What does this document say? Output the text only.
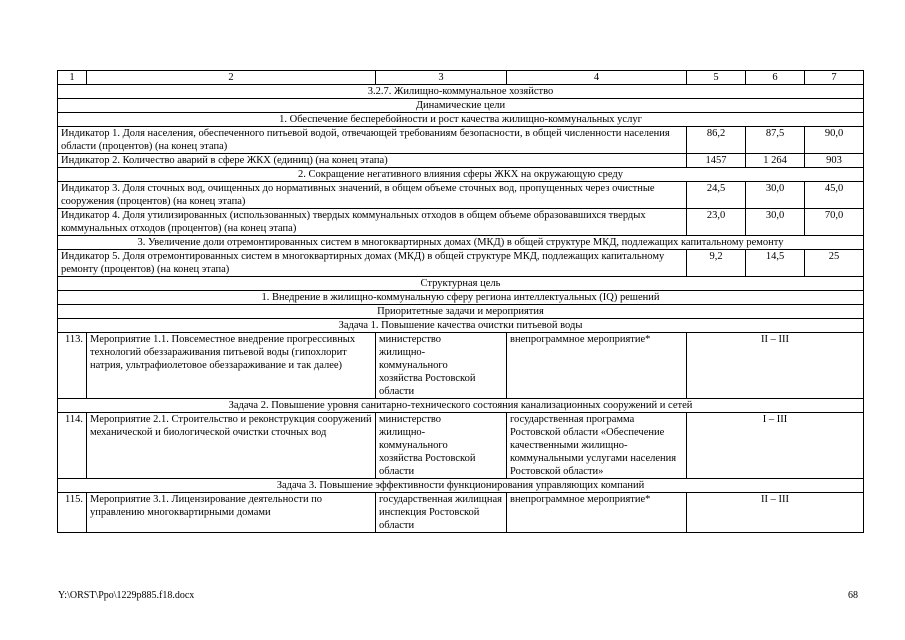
1	2	3	4	5	6	7
3.2.7. Жилищно-коммунальное хозяйство						
Динамические цели						
1. Обеспечение бесперебойности и рост качества жилищно-коммунальных услуг						
Индикатор 1. Доля населения, обеспеченного питьевой водой, отвечающей требованиям безопасности, в общей численности населения области (процентов) (на конец этапа)				86,2	87,5	90,0
Индикатор 2. Количество аварий в сфере ЖКХ (единиц) (на конец этапа)				1457	1 264	903
2. Сокращение негативного влияния сферы ЖКХ на окружающую среду						
Индикатор 3. Доля сточных вод, очищенных до нормативных значений, в общем объеме сточных вод, пропущенных через очистные сооружения (процентов) (на конец этапа)				24,5	30,0	45,0
Индикатор 4. Доля утилизированных (использованных) твердых коммунальных отходов в общем объеме образовавшихся твердых коммунальных отходов (процентов) (на конец этапа)				23,0	30,0	70,0
3. Увеличение доли отремонтированных систем в многоквартирных домах (МКД) в общей структуре МКД, подлежащих капитальному ремонту						
Индикатор 5. Доля отремонтированных систем в многоквартирных домах (МКД) в общей структуре МКД, подлежащих капитальному ремонту (процентов) (на конец этапа)				9,2	14,5	25
Структурная цель						
1. Внедрение в жилищно-коммунальную сферу региона интеллектуальных (IQ) решений						
Приоритетные задачи и мероприятия						
Задача 1. Повышение качества очистки питьевой воды						
113.	Мероприятие 1.1. Повсеместное внедрение прогрессивных технологий обеззараживания питьевой воды (гипохлорит натрия, ультрафиолетовое обеззараживание и так далее)	министерство жилищно-коммунального хозяйства Ростовской области	внепрограммное мероприятие*	II – III		
Задача 2. Повышение уровня санитарно-технического состояния канализационных сооружений и сетей						
114.	Мероприятие 2.1. Строительство и реконструкция сооружений механической и биологической очистки сточных вод	министерство жилищно-коммунального хозяйства Ростовской области	государственная программа Ростовской области «Обеспечение качественными жилищно-коммунальными услугами населения Ростовской области»	I – III		
Задача 3. Повышение эффективности функционирования управляющих компаний						
115.	Мероприятие 3.1. Лицензирование деятельности по управлению многоквартирными домами	государственная жилищная инспекция Ростовской области	внепрограммное мероприятие*	II – III		
Y:\ORST\Ppo\1229p885.f18.docx	68
